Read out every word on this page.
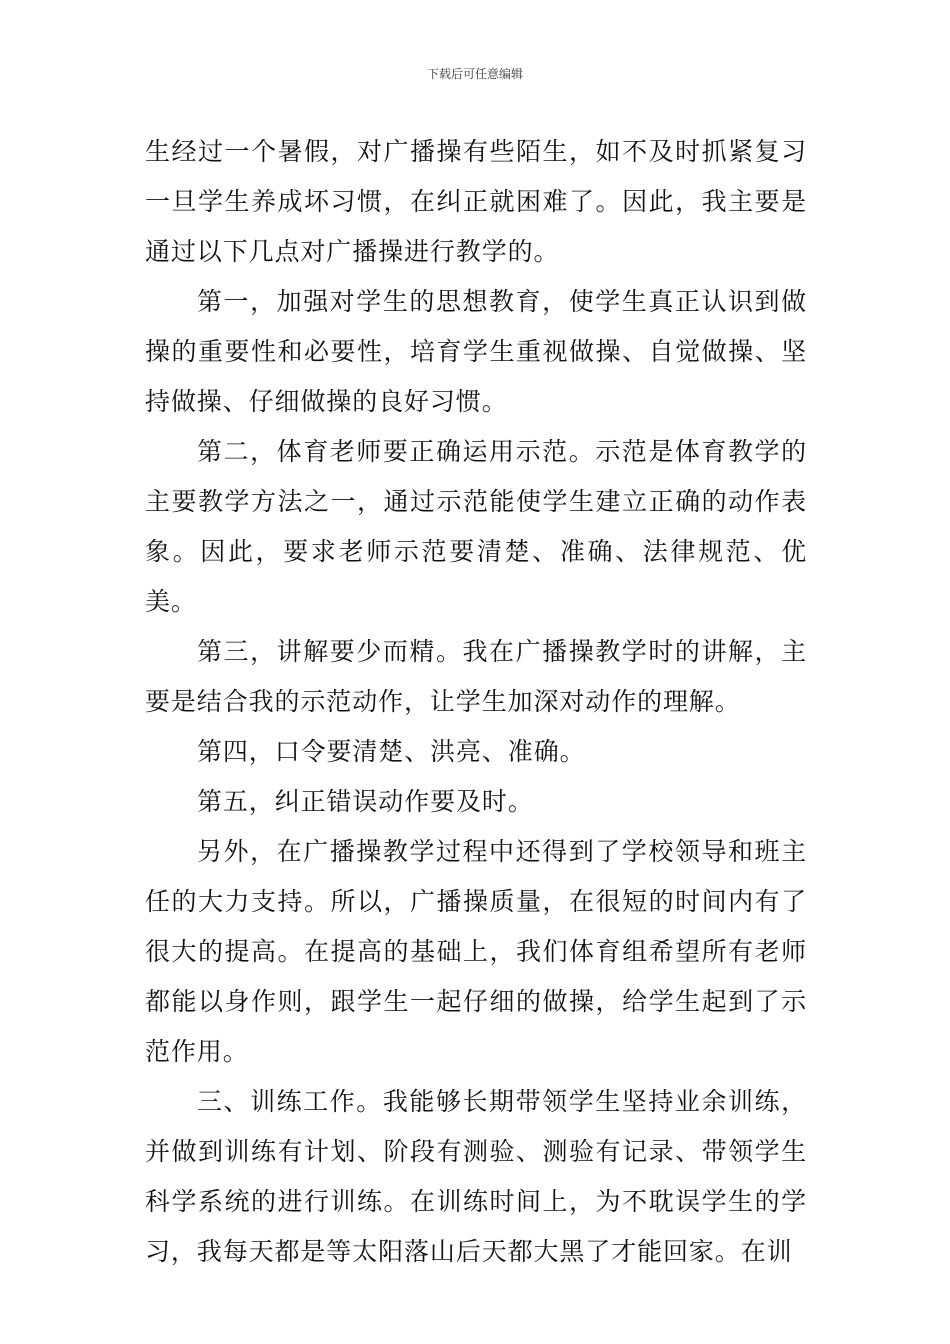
下载后可任意编辑

生经过一个暑假，对广播操有些陌生，如不及时抓紧复习一旦学生养成坏习惯，在纠正就困难了。因此，我主要是通过以下几点对广播操进行教学的。

第一，加强对学生的思想教育，使学生真正认识到做操的重要性和必要性，培育学生重视做操、自觉做操、坚持做操、仔细做操的良好习惯。

第二，体育老师要正确运用示范。示范是体育教学的主要教学方法之一，通过示范能使学生建立正确的动作表象。因此，要求老师示范要清楚、准确、法律规范、优美。

第三，讲解要少而精。我在广播操教学时的讲解，主要是结合我的示范动作，让学生加深对动作的理解。

第四，口令要清楚、洪亮、准确。

第五，纠正错误动作要及时。

另外，在广播操教学过程中还得到了学校领导和班主任的大力支持。所以，广播操质量，在很短的时间内有了很大的提高。在提高的基础上，我们体育组希望所有老师都能以身作则，跟学生一起仔细的做操，给学生起到了示范作用。

三、训练工作。我能够长期带领学生坚持业余训练，并做到训练有计划、阶段有测验、测验有记录、带领学生科学系统的进行训练。在训练时间上，为不耽误学生的学习，我每天都是等太阳落山后天都大黑了才能回家。在训
